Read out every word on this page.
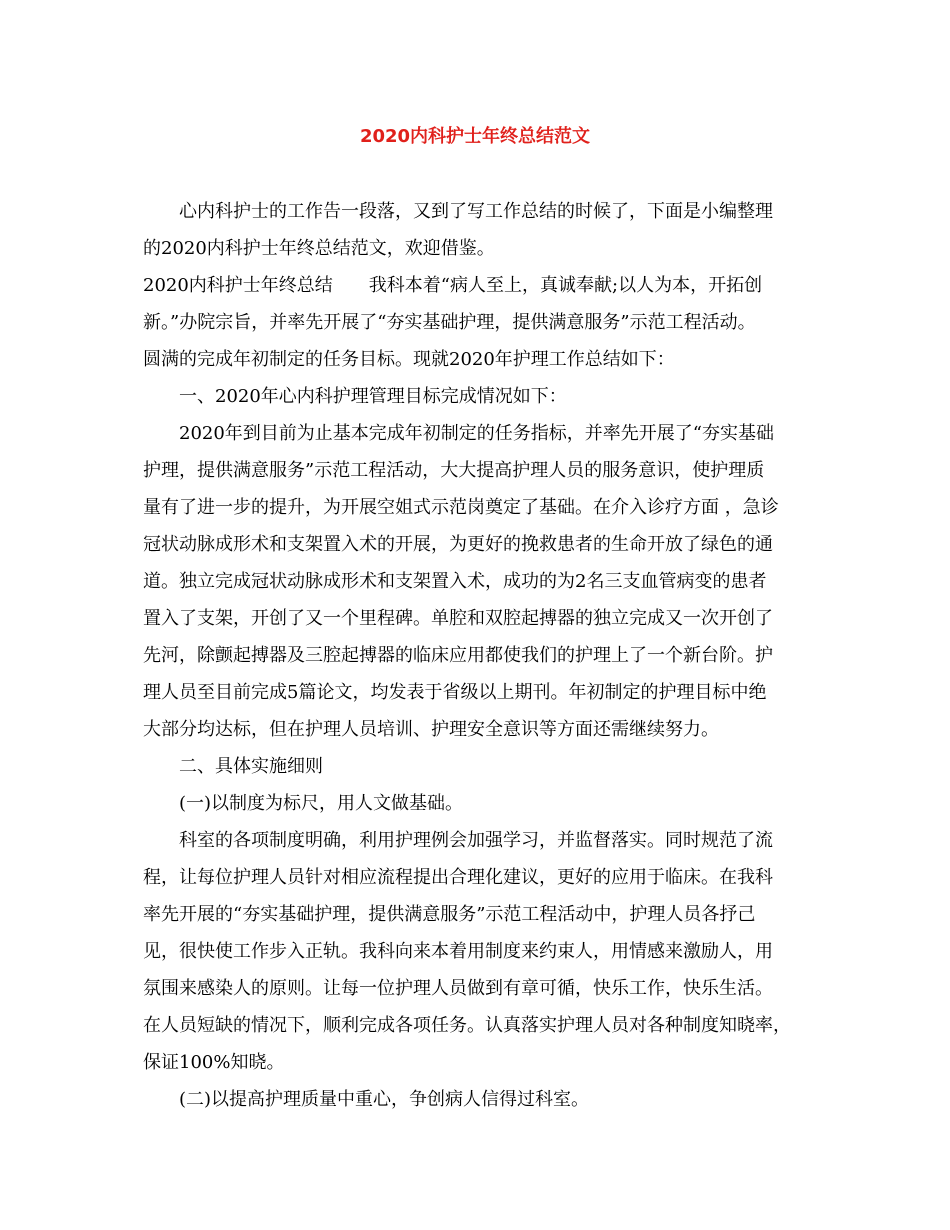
2020内科护士年终总结范文

心内科护士的工作告一段落，又到了写工作总结的时候了，下面是小编整理

的2020内科护士年终总结范文，欢迎借鉴。

2020内科护士年终总结　　我科本着“病人至上，真诚奉献;以人为本，开拓创

新。”办院宗旨，并率先开展了“夯实基础护理，提供满意服务”示范工程活动。

圆满的完成年初制定的任务目标。现就2020年护理工作总结如下：

一、2020年心内科护理管理目标完成情况如下：

2020年到目前为止基本完成年初制定的任务指标，并率先开展了“夯实基础

护理，提供满意服务”示范工程活动，大大提高护理人员的服务意识，使护理质

量有了进一步的提升，为开展空姐式示范岗奠定了基础。在介入诊疗方面 ，急诊

冠状动脉成形术和支架置入术的开展，为更好的挽救患者的生命开放了绿色的通

道。独立完成冠状动脉成形术和支架置入术，成功的为2名三支血管病变的患者

置入了支架，开创了又一个里程碑。单腔和双腔起搏器的独立完成又一次开创了

先河，除颤起搏器及三腔起搏器的临床应用都使我们的护理上了一个新台阶。护

理人员至目前完成5篇论文，均发表于省级以上期刊。年初制定的护理目标中绝

大部分均达标，但在护理人员培训、护理安全意识等方面还需继续努力。

二、具体实施细则

(一)以制度为标尺，用人文做基础。

科室的各项制度明确，利用护理例会加强学习，并监督落实。同时规范了流

程，让每位护理人员针对相应流程提出合理化建议，更好的应用于临床。在我科

率先开展的“夯实基础护理，提供满意服务”示范工程活动中，护理人员各抒己

见，很快使工作步入正轨。我科向来本着用制度来约束人，用情感来激励人，用

氛围来感染人的原则。让每一位护理人员做到有章可循，快乐工作，快乐生活。

在人员短缺的情况下，顺利完成各项任务。认真落实护理人员对各种制度知晓率，

保证100%知晓。

(二)以提高护理质量中重心，争创病人信得过科室。
